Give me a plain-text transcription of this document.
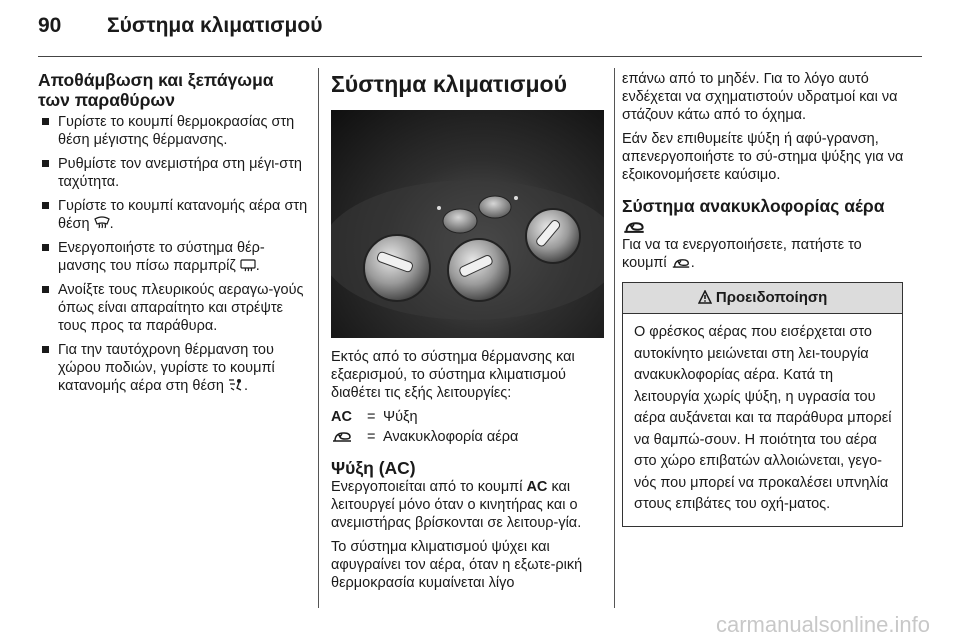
90 Σύστημα κλιματισμού
Αποθάμβωση και ξεπάγωμα των παραθύρων
Γυρίστε το κουμπί θερμοκρασίας στη θέση μέγιστης θέρμανσης.
Ρυθμίστε τον ανεμιστήρα στη μέγι-στη ταχύτητα.
Γυρίστε το κουμπί κατανομής αέρα στη θέση .
Ενεργοποιήστε το σύστημα θέρ-μανσης του πίσω παρμπρίζ .
Ανοίξτε τους πλευρικούς αεραγω-γούς όπως είναι απαραίτητο και στρέψτε τους προς τα παράθυρα.
Για την ταυτόχρονη θέρμανση του χώρου ποδιών, γυρίστε το κουμπί κατανομής αέρα στη θέση .
Σύστημα κλιματισμού

Εκτός από το σύστημα θέρμανσης και εξαερισμού, το σύστημα κλιματισμού διαθέτει τις εξής λειτουργίες:

AC	=	Ψύξη
	=	Ανακυκλοφορία αέρα
Ψύξη (AC)

Ενεργοποιείται από το κουμπί AC και λειτουργεί μόνο όταν ο κινητήρας και ο ανεμιστήρας βρίσκονται σε λειτουρ-γία.

Το σύστημα κλιματισμού ψύχει και αφυγραίνει τον αέρα, όταν η εξωτε-ρική θερμοκρασία κυμαίνεται λίγο

επάνω από το μηδέν. Για το λόγο αυτό ενδέχεται να σχηματιστούν υδρατμοί και να στάζουν κάτω από το όχημα.

Εάν δεν επιθυμείτε ψύξη ή αφύ-γρανση, απενεργοποιήστε το σύ-στημα ψύξης για να εξοικονομήσετε καύσιμο.

Σύστημα ανακυκλοφορίας αέρα

Για να τα ενεργοποιήσετε, πατήστε το κουμπί .

Προειδοποίηση
Ο φρέσκος αέρας που εισέρχεται στο αυτοκίνητο μειώνεται στη λει-τουργία ανακυκλοφορίας αέρα. Κατά τη λειτουργία χωρίς ψύξη, η υγρασία του αέρα αυξάνεται και τα παράθυρα μπορεί να θαμπώ-σουν. Η ποιότητα του αέρα στο χώρο επιβατών αλλοιώνεται, γεγο-νός που μπορεί να προκαλέσει υπνηλία στους επιβάτες του οχή-ματος.
carmanualsonline.info
